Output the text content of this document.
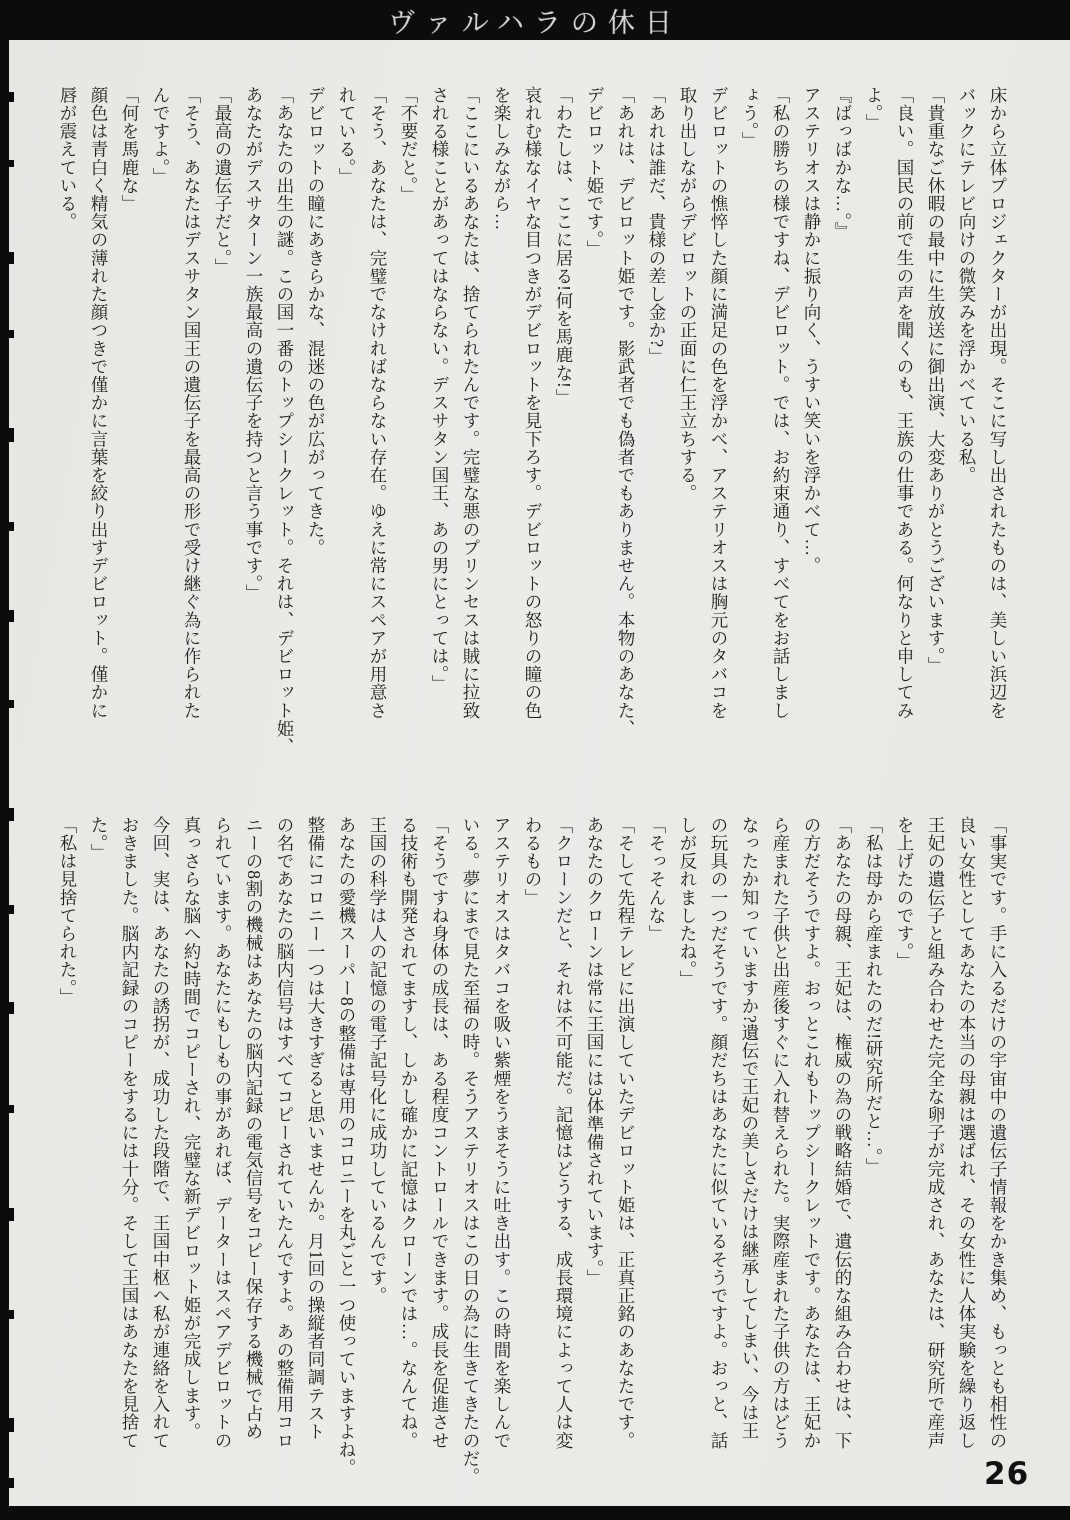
ヴァルハラの休日
床から立体プロジェクターが出現。そこに写し出されたものは、美しい浜辺を
バックにテレビ向けの微笑みを浮かべている私。
「貴重なご休暇の最中に生放送に御出演、大変ありがとうございます。」
「良い。国民の前で生の声を聞くのも、王族の仕事である。何なりと申してみ
よ。」
『ばっばかな…。』
アステリオスは静かに振り向く、うすい笑いを浮かべて…。
「私の勝ちの様ですね、デビロット。では、お約束通り、すべてをお話しまし
ょう。」
デビロットの憔悴した顔に満足の色を浮かべ、アステリオスは胸元のタバコを
取り出しながらデビロットの正面に仁王立ちする。
「あれは誰だ、貴様の差し金か?」
「あれは、デビロット姫です。影武者でも偽者でもありません。本物のあなた、
デビロット姫です。」
「わたしは、ここに居る!何を馬鹿な!」
哀れむ様なイヤな目つきがデビロットを見下ろす。デビロットの怒りの瞳の色
を楽しみながら…
「ここにいるあなたは、捨てられたんです。完璧な悪のプリンセスは賊に拉致
される様ことがあってはならない。デスサタン国王、あの男にとっては。」
「不要だと。」
「そう、あなたは、完璧でなければならない存在。ゆえに常にスペアが用意さ
れている。」
デビロットの瞳にあきらかな、混迷の色が広がってきた。
「あなたの出生の謎。この国一番のトップシークレット。それは、デビロット姫、
あなたがデスサターン一族最高の遺伝子を持つと言う事です。」
「最高の遺伝子だと。」
「そう、あなたはデスサタン国王の遺伝子を最高の形で受け継ぐ為に作られた
んですよ。」
「何を馬鹿な」
顔色は青白く精気の薄れた顔つきで僅かに言葉を絞り出すデビロット。僅かに
唇が震えている。
「事実です。手に入るだけの宇宙中の遺伝子情報をかき集め、もっとも相性の
良い女性としてあなたの本当の母親は選ばれ、その女性に人体実験を繰り返し
王妃の遺伝子と組み合わせた完全な卵子が完成され、あなたは、研究所で産声
を上げたのです。」
「私は母から産まれたのだ!研究所だと…。」
「あなたの母親、王妃は、権威の為の戦略結婚で、遺伝的な組み合わせは、下
の方だそうですよ。おっとこれもトップシークレットです。あなたは、王妃か
ら産まれた子供と出産後すぐに入れ替えられた。実際産まれた子供の方はどう
なったか知っていますか?遺伝で王妃の美しさだけは継承してしまい、今は王
の玩具の一つだそうです。顔だちはあなたに似ているそうですよ。おっと、話
しが反れましたね。」
「そっそんな」
「そして先程テレビに出演していたデビロット姫は、正真正銘のあなたです。
あなたのクローンは常に王国には3体準備されています。」
「クローンだと、それは不可能だ。記憶はどうする、成長環境によって人は変
わるもの」
アステリオスはタバコを吸い紫煙をうまそうに吐き出す。この時間を楽しんで
いる。夢にまで見た至福の時。そうアステリオスはこの日の為に生きてきたのだ。
「そうですね身体の成長は、ある程度コントロールできます。成長を促進させ
る技術も開発されてますし、しかし確かに記憶はクローンでは…。なんてね。
王国の科学は人の記憶の電子記号化に成功しているんです。
あなたの愛機スーパー8の整備は専用のコロニーを丸ごと一つ使っていますよね。
整備にコロニー一つは大きすぎると思いませんか。月1回の操縦者同調テスト
の名であなたの脳内信号はすべてコピーされていたんですよ。あの整備用コロ
ニーの8割の機械はあなたの脳内記録の電気信号をコピー保存する機械で占め
られています。あなたにもしもの事があれば、データーはスペアデビロットの
真っさらな脳へ約2時間でコピーされ、完璧な新デビロット姫が完成します。
今回、実は、あなたの誘拐が、成功した段階で、王国中枢へ私が連絡を入れて
おきました。脳内記録のコピーをするには十分。そして王国はあなたを見捨て
た。」
「私は見捨てられた。」
26
